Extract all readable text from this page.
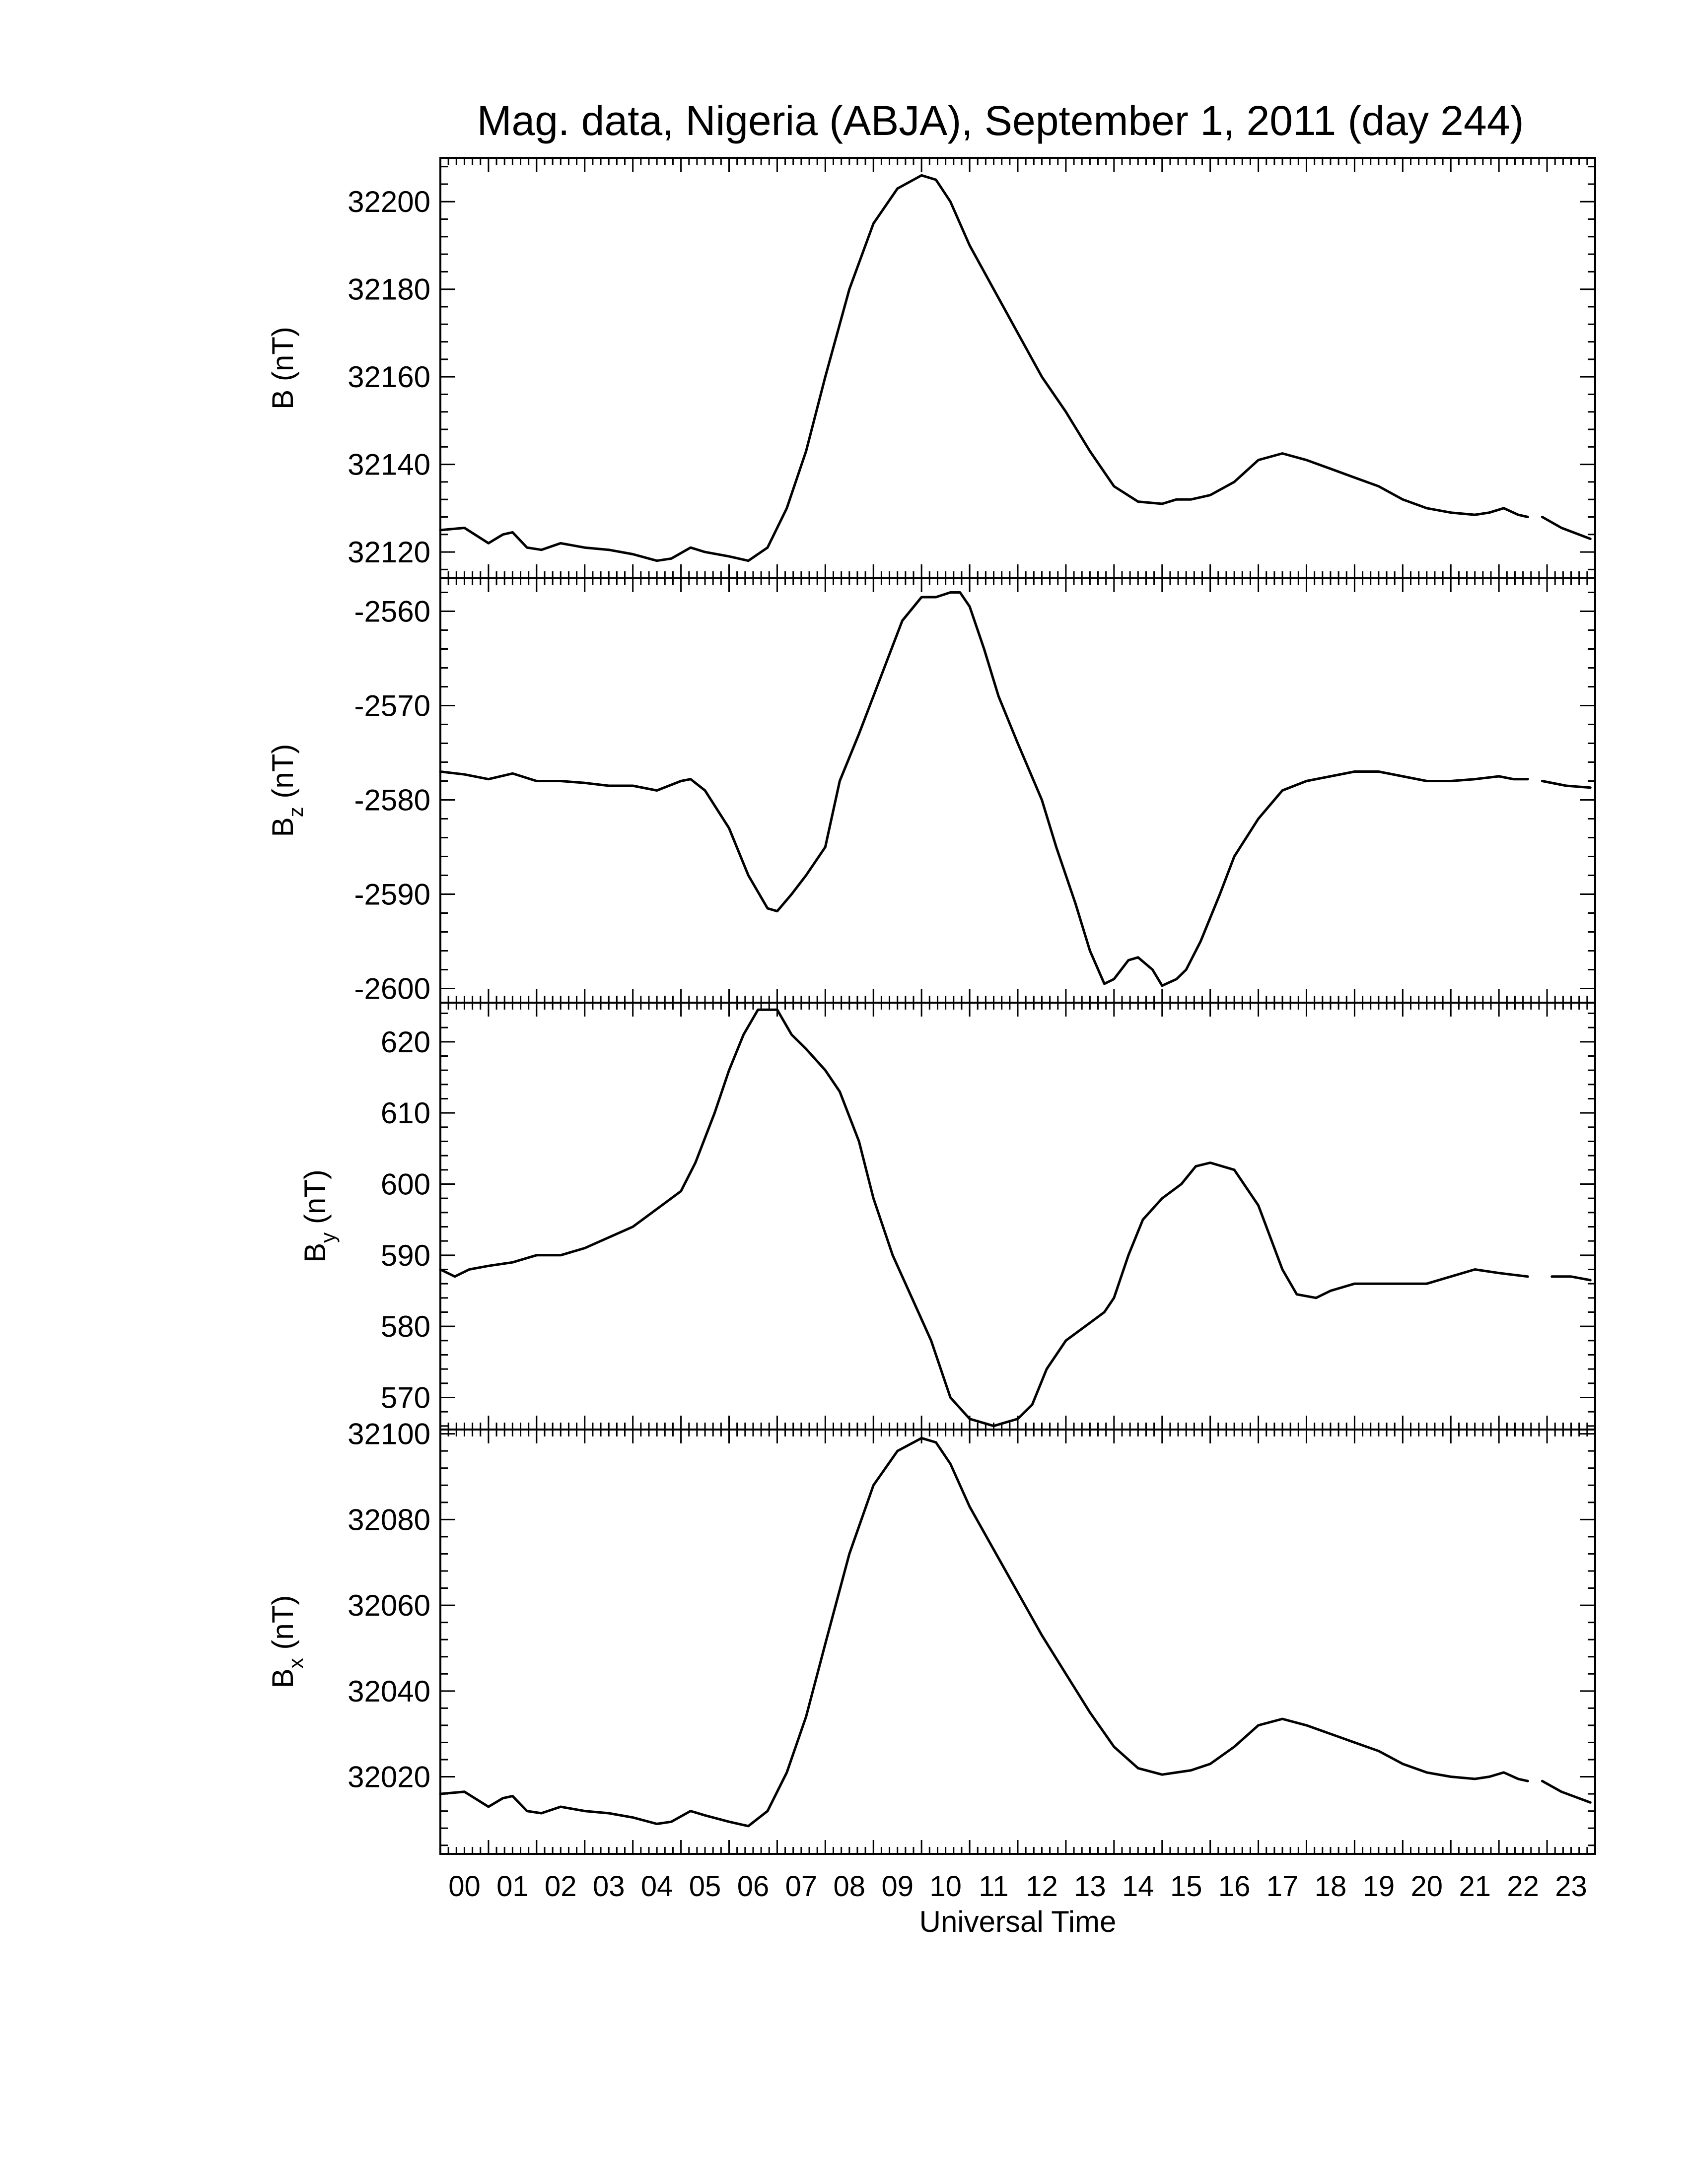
Mag. data, Nigeria (ABJA), September 1, 2011 (day 244)
32120
32140
32160
32180
32200
B (nT)
-2600
-2590
-2580
-2570
-2560
$B_z$ (nT)
570
580
590
600
610
620
$B_y$ (nT)
32020
32040
32060
32080
32100
$B_x$ (nT)
00 01 02 03 04 05 06 07 08 09 10 11 12 13 14 15 16 17 18 19 20 21 22 23
Universal Time
